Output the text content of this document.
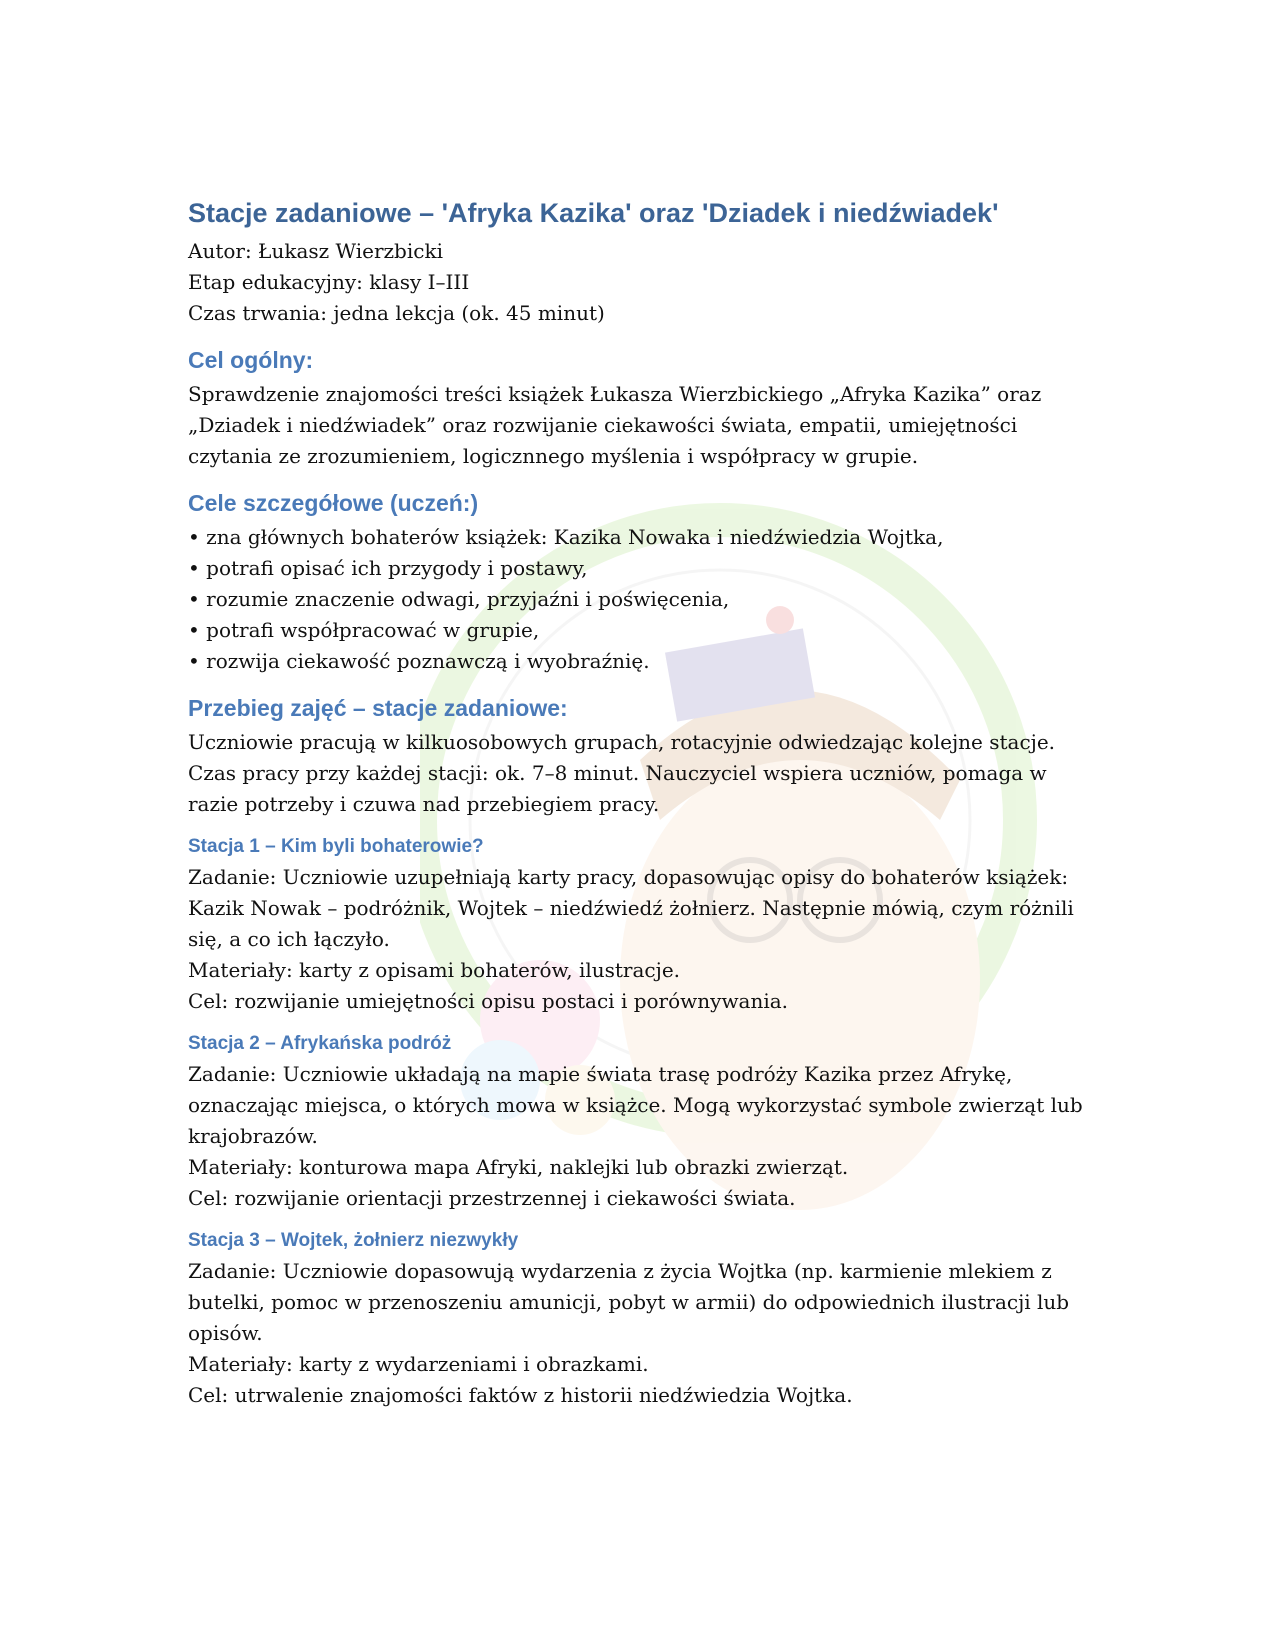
Stacje zadaniowe – 'Afryka Kazika' oraz 'Dziadek i niedźwiadek'

Autor: Łukasz Wierzbicki

Etap edukacyjny: klasy I–III

Czas trwania: jedna lekcja (ok. 45 minut)

Cel ogólny:

Sprawdzenie znajomości treści książek Łukasza Wierzbickiego „Afryka Kazika” oraz „Dziadek i niedźwiadek” oraz rozwijanie ciekawości świata, empatii, umiejętności czytania ze zrozumieniem, logicznnego myślenia i współpracy w grupie.

Cele szczegółowe (uczeń:)
• zna głównych bohaterów książek: Kazika Nowaka i niedźwiedzia Wojtka,
• potrafi opisać ich przygody i postawy,
• rozumie znaczenie odwagi, przyjaźni i poświęcenia,
• potrafi współpracować w grupie,
• rozwija ciekawość poznawczą i wyobraźnię.
Przebieg zajęć – stacje zadaniowe:

Uczniowie pracują w kilkuosobowych grupach, rotacyjnie odwiedzając kolejne stacje. Czas pracy przy każdej stacji: ok. 7–8 minut. Nauczyciel wspiera uczniów, pomaga w razie potrzeby i czuwa nad przebiegiem pracy.

Stacja 1 – Kim byli bohaterowie?

Zadanie: Uczniowie uzupełniają karty pracy, dopasowując opisy do bohaterów książek: Kazik Nowak – podróżnik, Wojtek – niedźwiedź żołnierz. Następnie mówią, czym różnili się, a co ich łączyło.

Materiały: karty z opisami bohaterów, ilustracje.

Cel: rozwijanie umiejętności opisu postaci i porównywania.

Stacja 2 – Afrykańska podróż

Zadanie: Uczniowie układają na mapie świata trasę podróży Kazika przez Afrykę, oznaczając miejsca, o których mowa w książce. Mogą wykorzystać symbole zwierząt lub krajobrazów.

Materiały: konturowa mapa Afryki, naklejki lub obrazki zwierząt.

Cel: rozwijanie orientacji przestrzennej i ciekawości świata.

Stacja 3 – Wojtek, żołnierz niezwykły

Zadanie: Uczniowie dopasowują wydarzenia z życia Wojtka (np. karmienie mlekiem z butelki, pomoc w przenoszeniu amunicji, pobyt w armii) do odpowiednich ilustracji lub opisów.

Materiały: karty z wydarzeniami i obrazkami.

Cel: utrwalenie znajomości faktów z historii niedźwiedzia Wojtka.
